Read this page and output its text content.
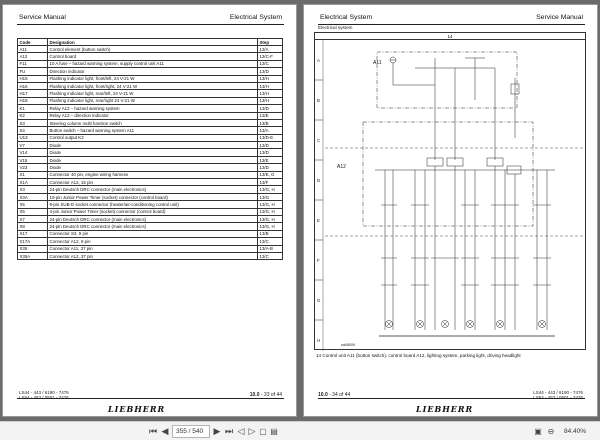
Service Manual	Electrical System
Code	Designation	Step
A11	Control element (button switch)	13/A
A12	Control board	13/C-F
F11	10 A fuse – hazard warning system, supply control unit A11	13/C
FU	Direction indicator	13/D
H15	Flashing indicator light, front/left, 24 V-21 W	13/H
H16	Flashing indicator light, front/right, 24 V-21 W	13/H
H17	Flashing indicator light, rear/left, 24 V-21 W	13/H
H18	Flashing indicator light, rear/right 24 V-21 W	13/H
K1	Relay A12 – hazard warning system	13/D
K2	Relay A12 – direction indicator	13/E
S3	Steering column multi function switch	13/B
S4	Button switch – hazard warning system A11	13/A
U13	Control output K2	13/D-E
V7	Diode	13/D
V14	Diode	13/D
V15	Diode	13/E
V23	Diode	13/D
X1	Connector 40 pin, engine wiring harness	13/E, G
X1A	Connector A12, 15 pin	13/F
X3	24-pin Deutsch DRC connector (main electronics)	13/G, H
X3A	10-pin Junior Power Timer (socket) connector (control board)	13/G
X5	9-pin SUB-D socket connector (heater/air-conditioning control unit)	13/G, H
X6	4-pin Junior Power Timer (socket) connector (control board)	13/G, H
X7	24-pin Deutsch DRC connector (main electronics)	13/G, H
X8	24-pin Deutsch DRC connector (main electronics)	13/G, H
X17	Connector S3, 9 pin	13/B
X17A	Connector A12, 9 pin	13/C
X35	Connector A11, 37 pin	13/A-B
X35A	Connector A12, 37 pin	13/C
LS44 - 443 / 6190 - 7476
LS54 - 453 / 0501 - 7476	10.0 - 33 of 44
LIEBHERR
Electrical System	Service Manual
Electrical system
14
A
B
C
D
E
F
G
H
A11
A12
ea08009
14 Control unit A11 (button switch), control board A12, lighting system, parking light, driving headlight
10.0 - 34 of 44	LS44 - 443 / 6190 - 7476
LS54 - 453 / 0501 - 7476
LIEBHERR
⏮ ◀	355 / 540	▶ ⏭ ◁ ▷ ▢ ▤	▣ ⊖ 84.40%
